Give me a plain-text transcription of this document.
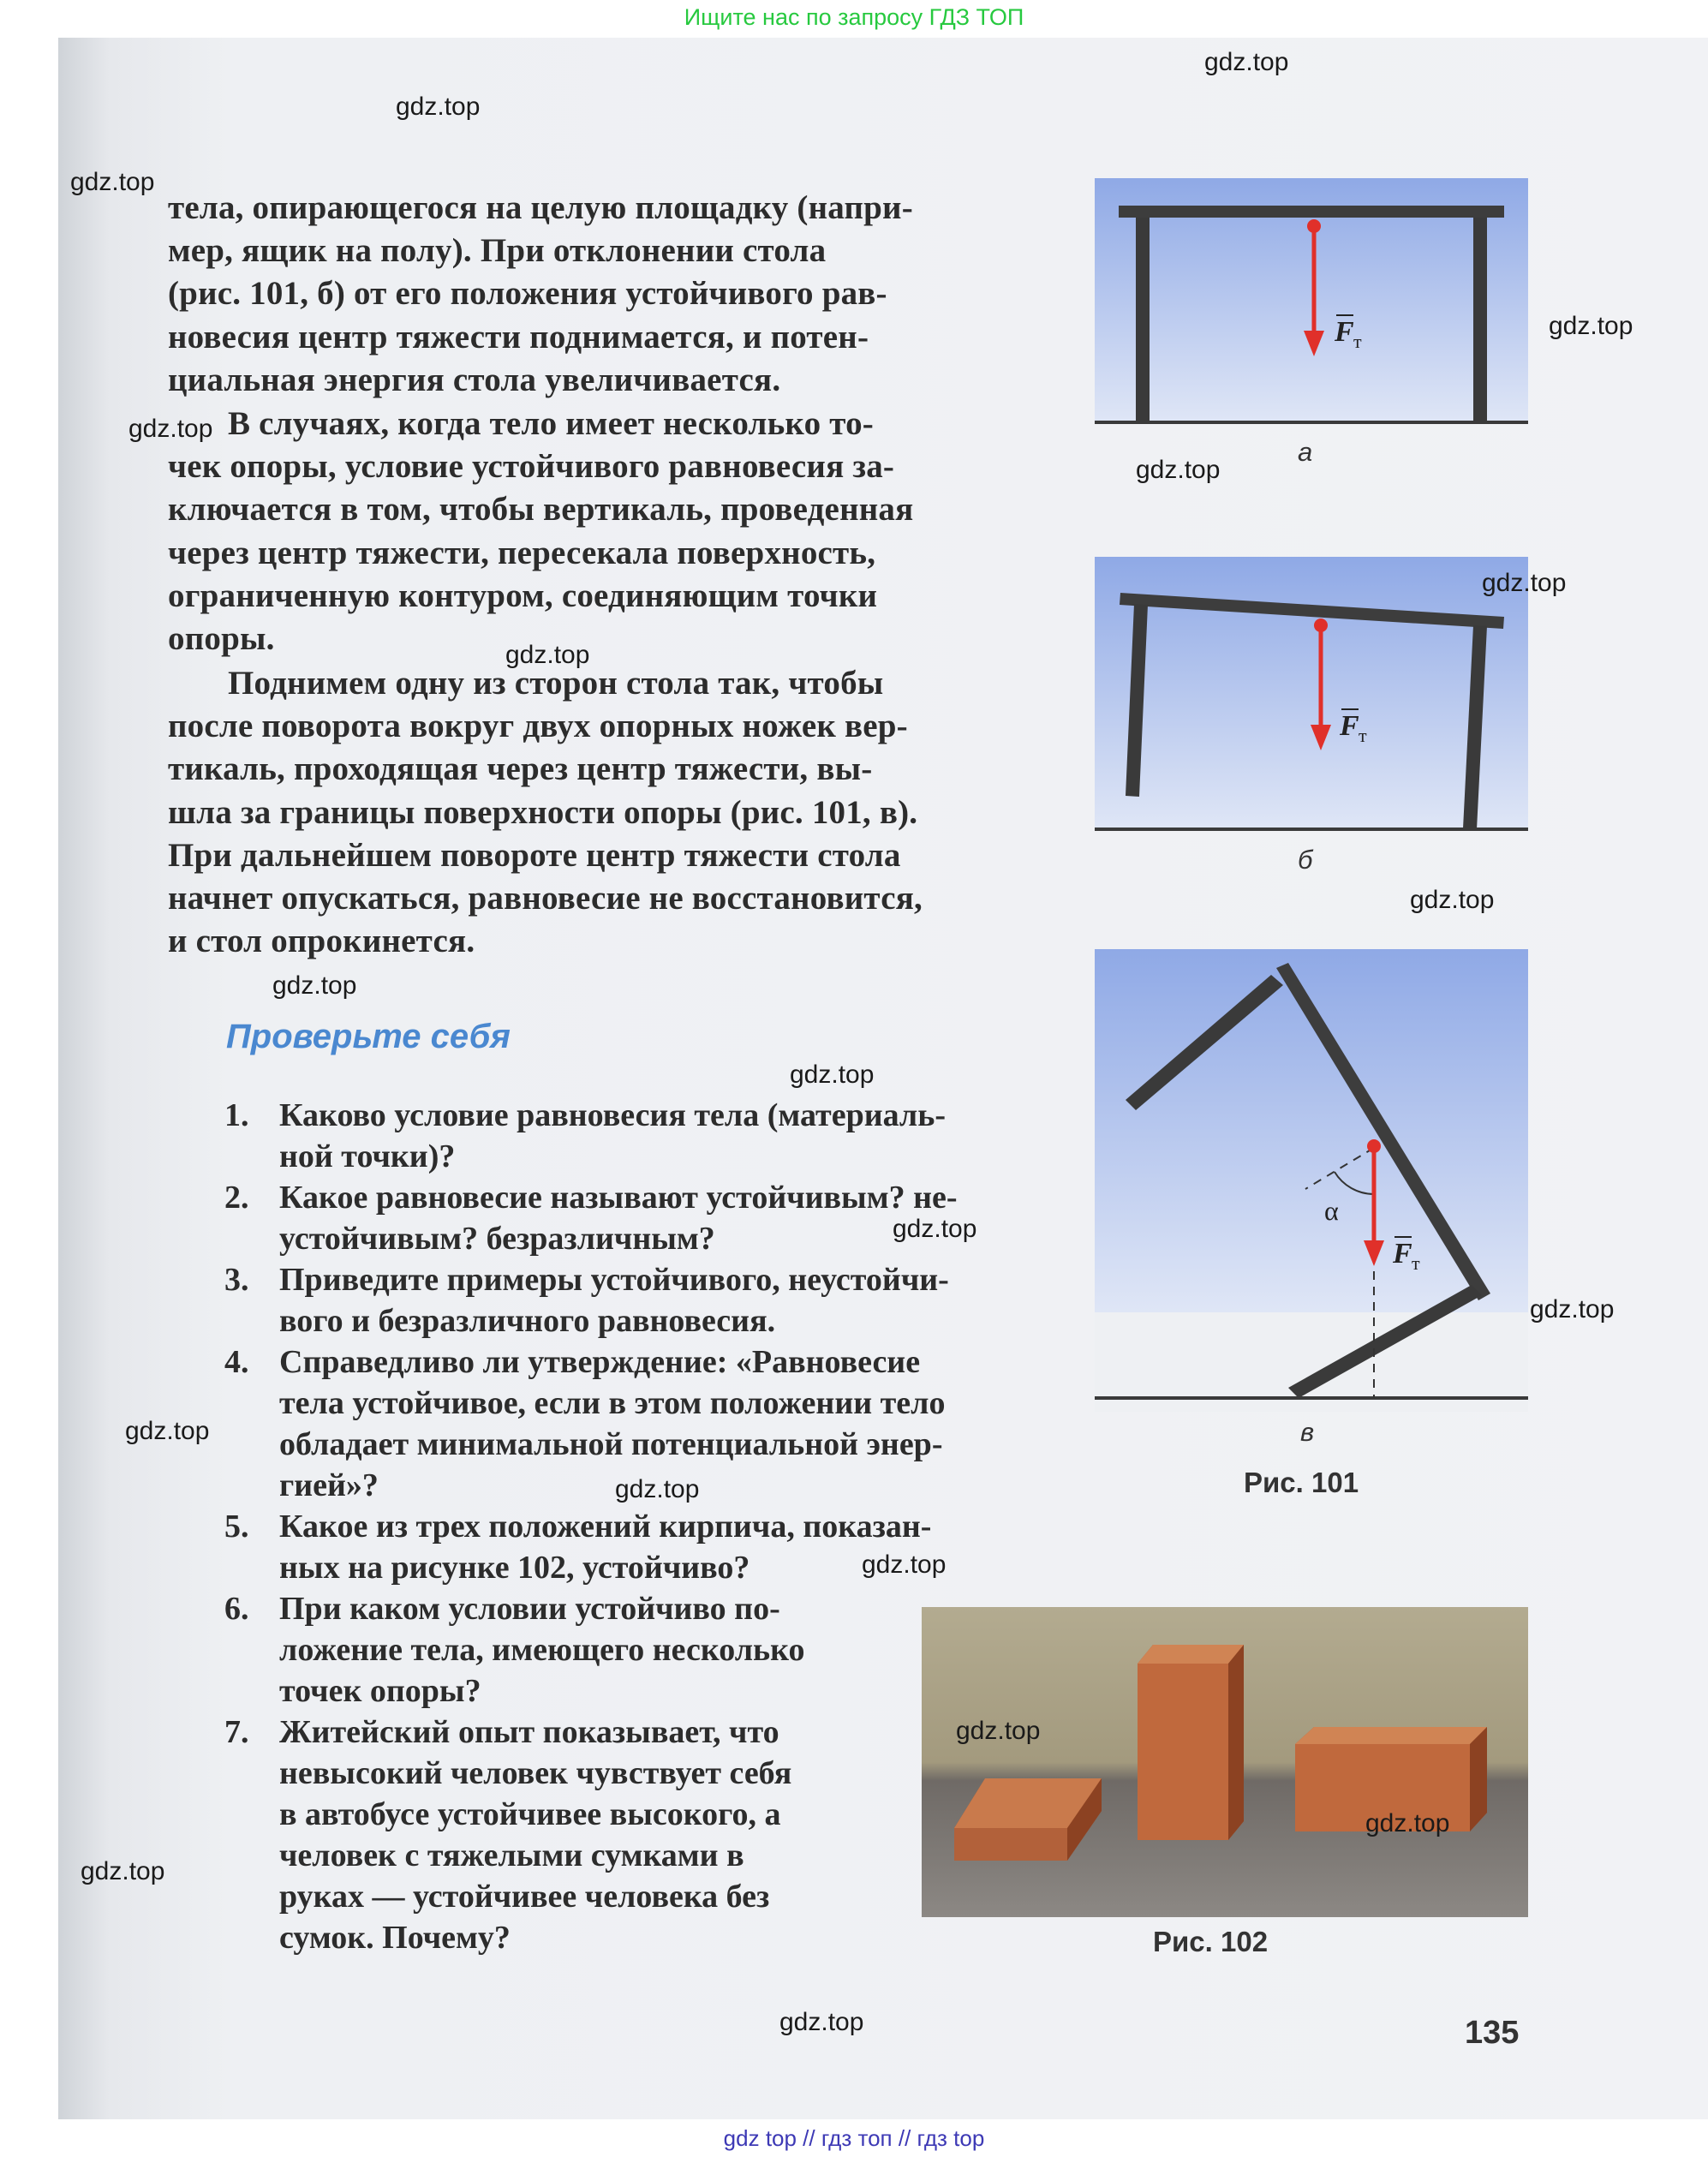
Ищите нас по запросу ГДЗ ТОП
тела, опирающегося на целую площадку (напри-
мер, ящик на полу). При отклонении стола
(рис. 101, б) от его положения устойчивого рав-
новесия центр тяжести поднимается, и потен-
циальная энергия стола увеличивается.
В случаях, когда тело имеет несколько то-
чек опоры, условие устойчивого равновесия за-
ключается в том, чтобы вертикаль, проведенная
через центр тяжести, пересекала поверхность,
ограниченную контуром, соединяющим точки
опоры.
Поднимем одну из сторон стола так, чтобы
после поворота вокруг двух опорных ножек вер-
тикаль, проходящая через центр тяжести, вы-
шла за границы поверхности опоры (рис. 101, в).
При дальнейшем повороте центр тяжести стола
начнет опускаться, равновесие не восстановится,
и стол опрокинется.
Проверьте себя
1. Каково условие равновесия тела (материаль-
ной точки)?
2. Какое равновесие называют устойчивым? не-
устойчивым? безразличным?
3. Приведите примеры устойчивого, неустойчи-
вого и безразличного равновесия.
4. Справедливо ли утверждение: «Равновесие
тела устойчивое, если в этом положении тело
обладает минимальной потенциальной энер-
гией»?
5. Какое из трех положений кирпича, показан-
ных на рисунке 102, устойчиво?
6. При каком условии устойчиво по-
ложение тела, имеющего несколько
точек опоры?
7. Житейский опыт показывает, что
невысокий человек чувствует себя
в автобусе устойчивее высокого, а
человек с тяжелыми сумками в
руках — устойчивее человека без
сумок. Почему?
F т
а
F т
б
α
F т
в
Рис. 101
Рис. 102
135
gdz.top
gdz.top
gdz.top
gdz.top
gdz.top
gdz.top
gdz.top
gdz.top
gdz.top
gdz.top
gdz.top
gdz.top
gdz.top
gdz.top
gdz.top
gdz.top
gdz.top
gdz.top
gdz.top
gdz.top
gdz top // гдз топ // гдз top
